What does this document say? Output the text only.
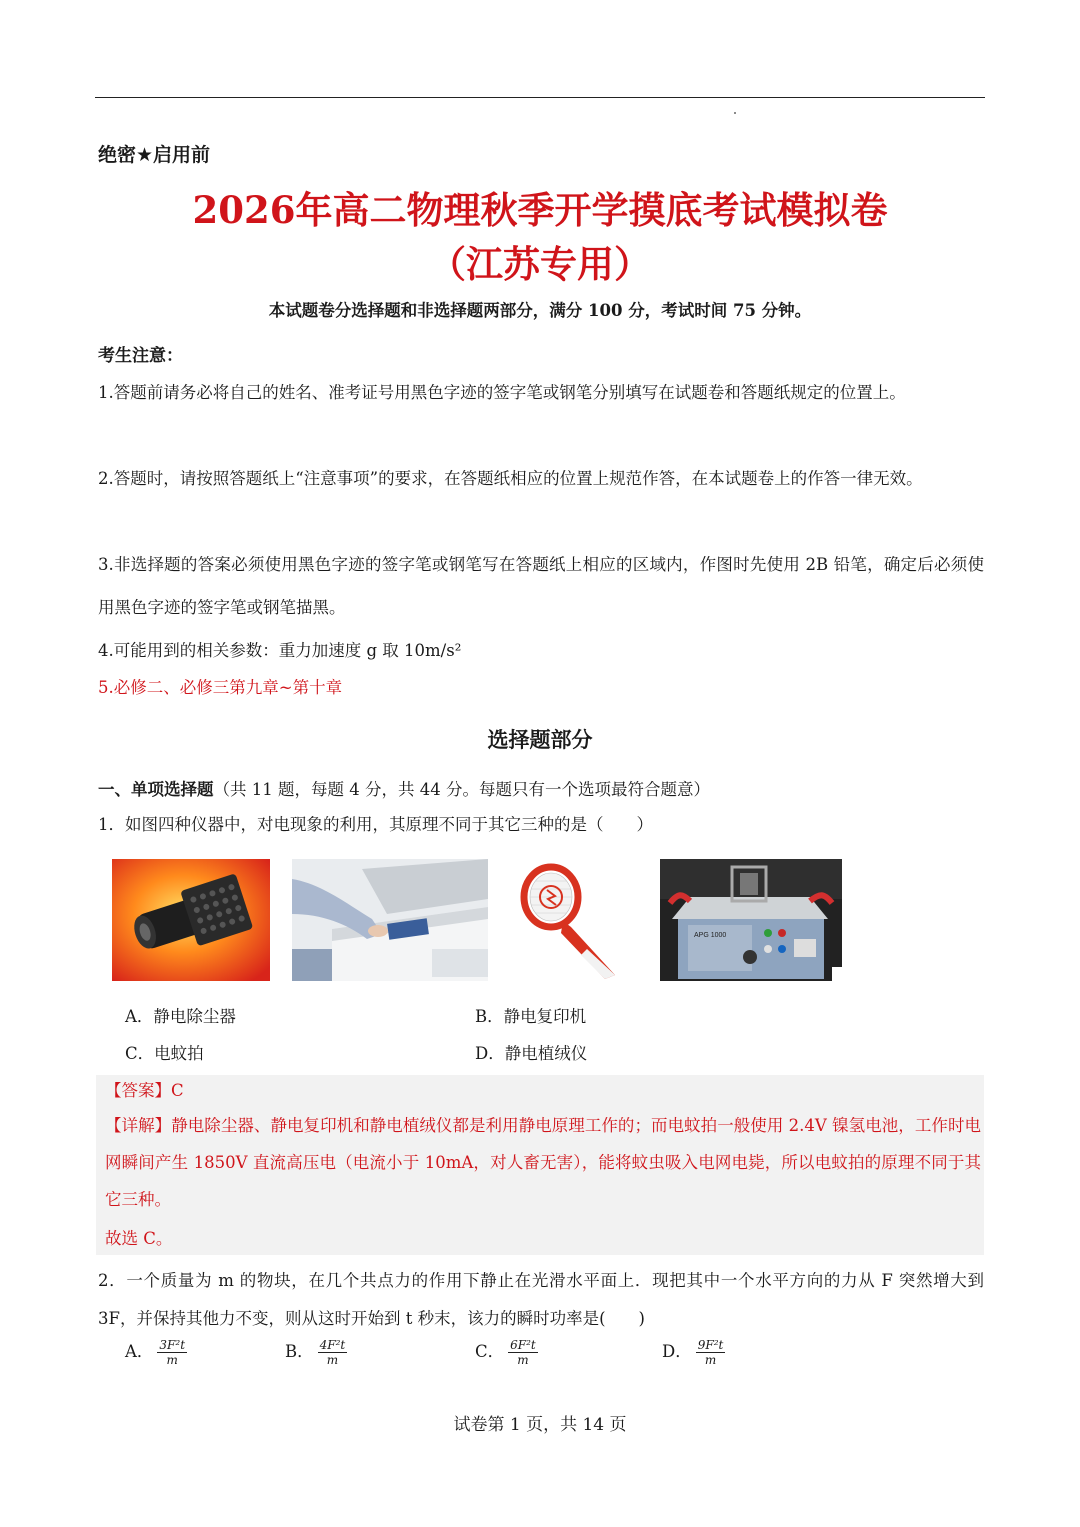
绝密★启用前
2026年高二物理秋季开学摸底考试模拟卷
（江苏专用）
本试题卷分选择题和非选择题两部分，满分 100 分，考试时间 75 分钟。
考生注意：
1.答题前请务必将自己的姓名、准考证号用黑色字迹的签字笔或钢笔分别填写在试题卷和答题纸规定的位置上。
2.答题时，请按照答题纸上“注意事项”的要求，在答题纸相应的位置上规范作答，在本试题卷上的作答一律无效。
3.非选择题的答案必须使用黑色字迹的签字笔或钢笔写在答题纸上相应的区域内，作图时先使用 2B 铅笔，确定后必须使用黑色字迹的签字笔或钢笔描黑。
4.可能用到的相关参数：重力加速度 g 取 10m/s²
5.必修二、必修三第九章~第十章
选择题部分
一、单项选择题（共 11 题，每题 4 分，共 44 分。每题只有一个选项最符合题意）
1．如图四种仪器中，对电现象的利用，其原理不同于其它三种的是（　　）
APG 1000
A．静电除尘器	B．静电复印机
C．电蚊拍	D．静电植绒仪
【答案】C
【详解】静电除尘器、静电复印机和静电植绒仪都是利用静电原理工作的；而电蚊拍一般使用 2.4V 镍氢电池，工作时电网瞬间产生 1850V 直流高压电（电流小于 10mA，对人畜无害），能将蚊虫吸入电网电毙，所以电蚊拍的原理不同于其它三种。
故选 C。
2．一个质量为 m 的物块，在几个共点力的作用下静止在光滑水平面上．现把其中一个水平方向的力从 F 突然增大到 3F，并保持其他力不变，则从这时开始到 t 秒末，该力的瞬时功率是(　　)
A． $\frac{\text{3F²t}}{m}$	B． $\frac{\text{4F²t}}{m}$	C． $\frac{\text{6F²t}}{m}$	D． $\frac{\text{9F²t}}{m}$
试卷第 1 页，共 14 页
